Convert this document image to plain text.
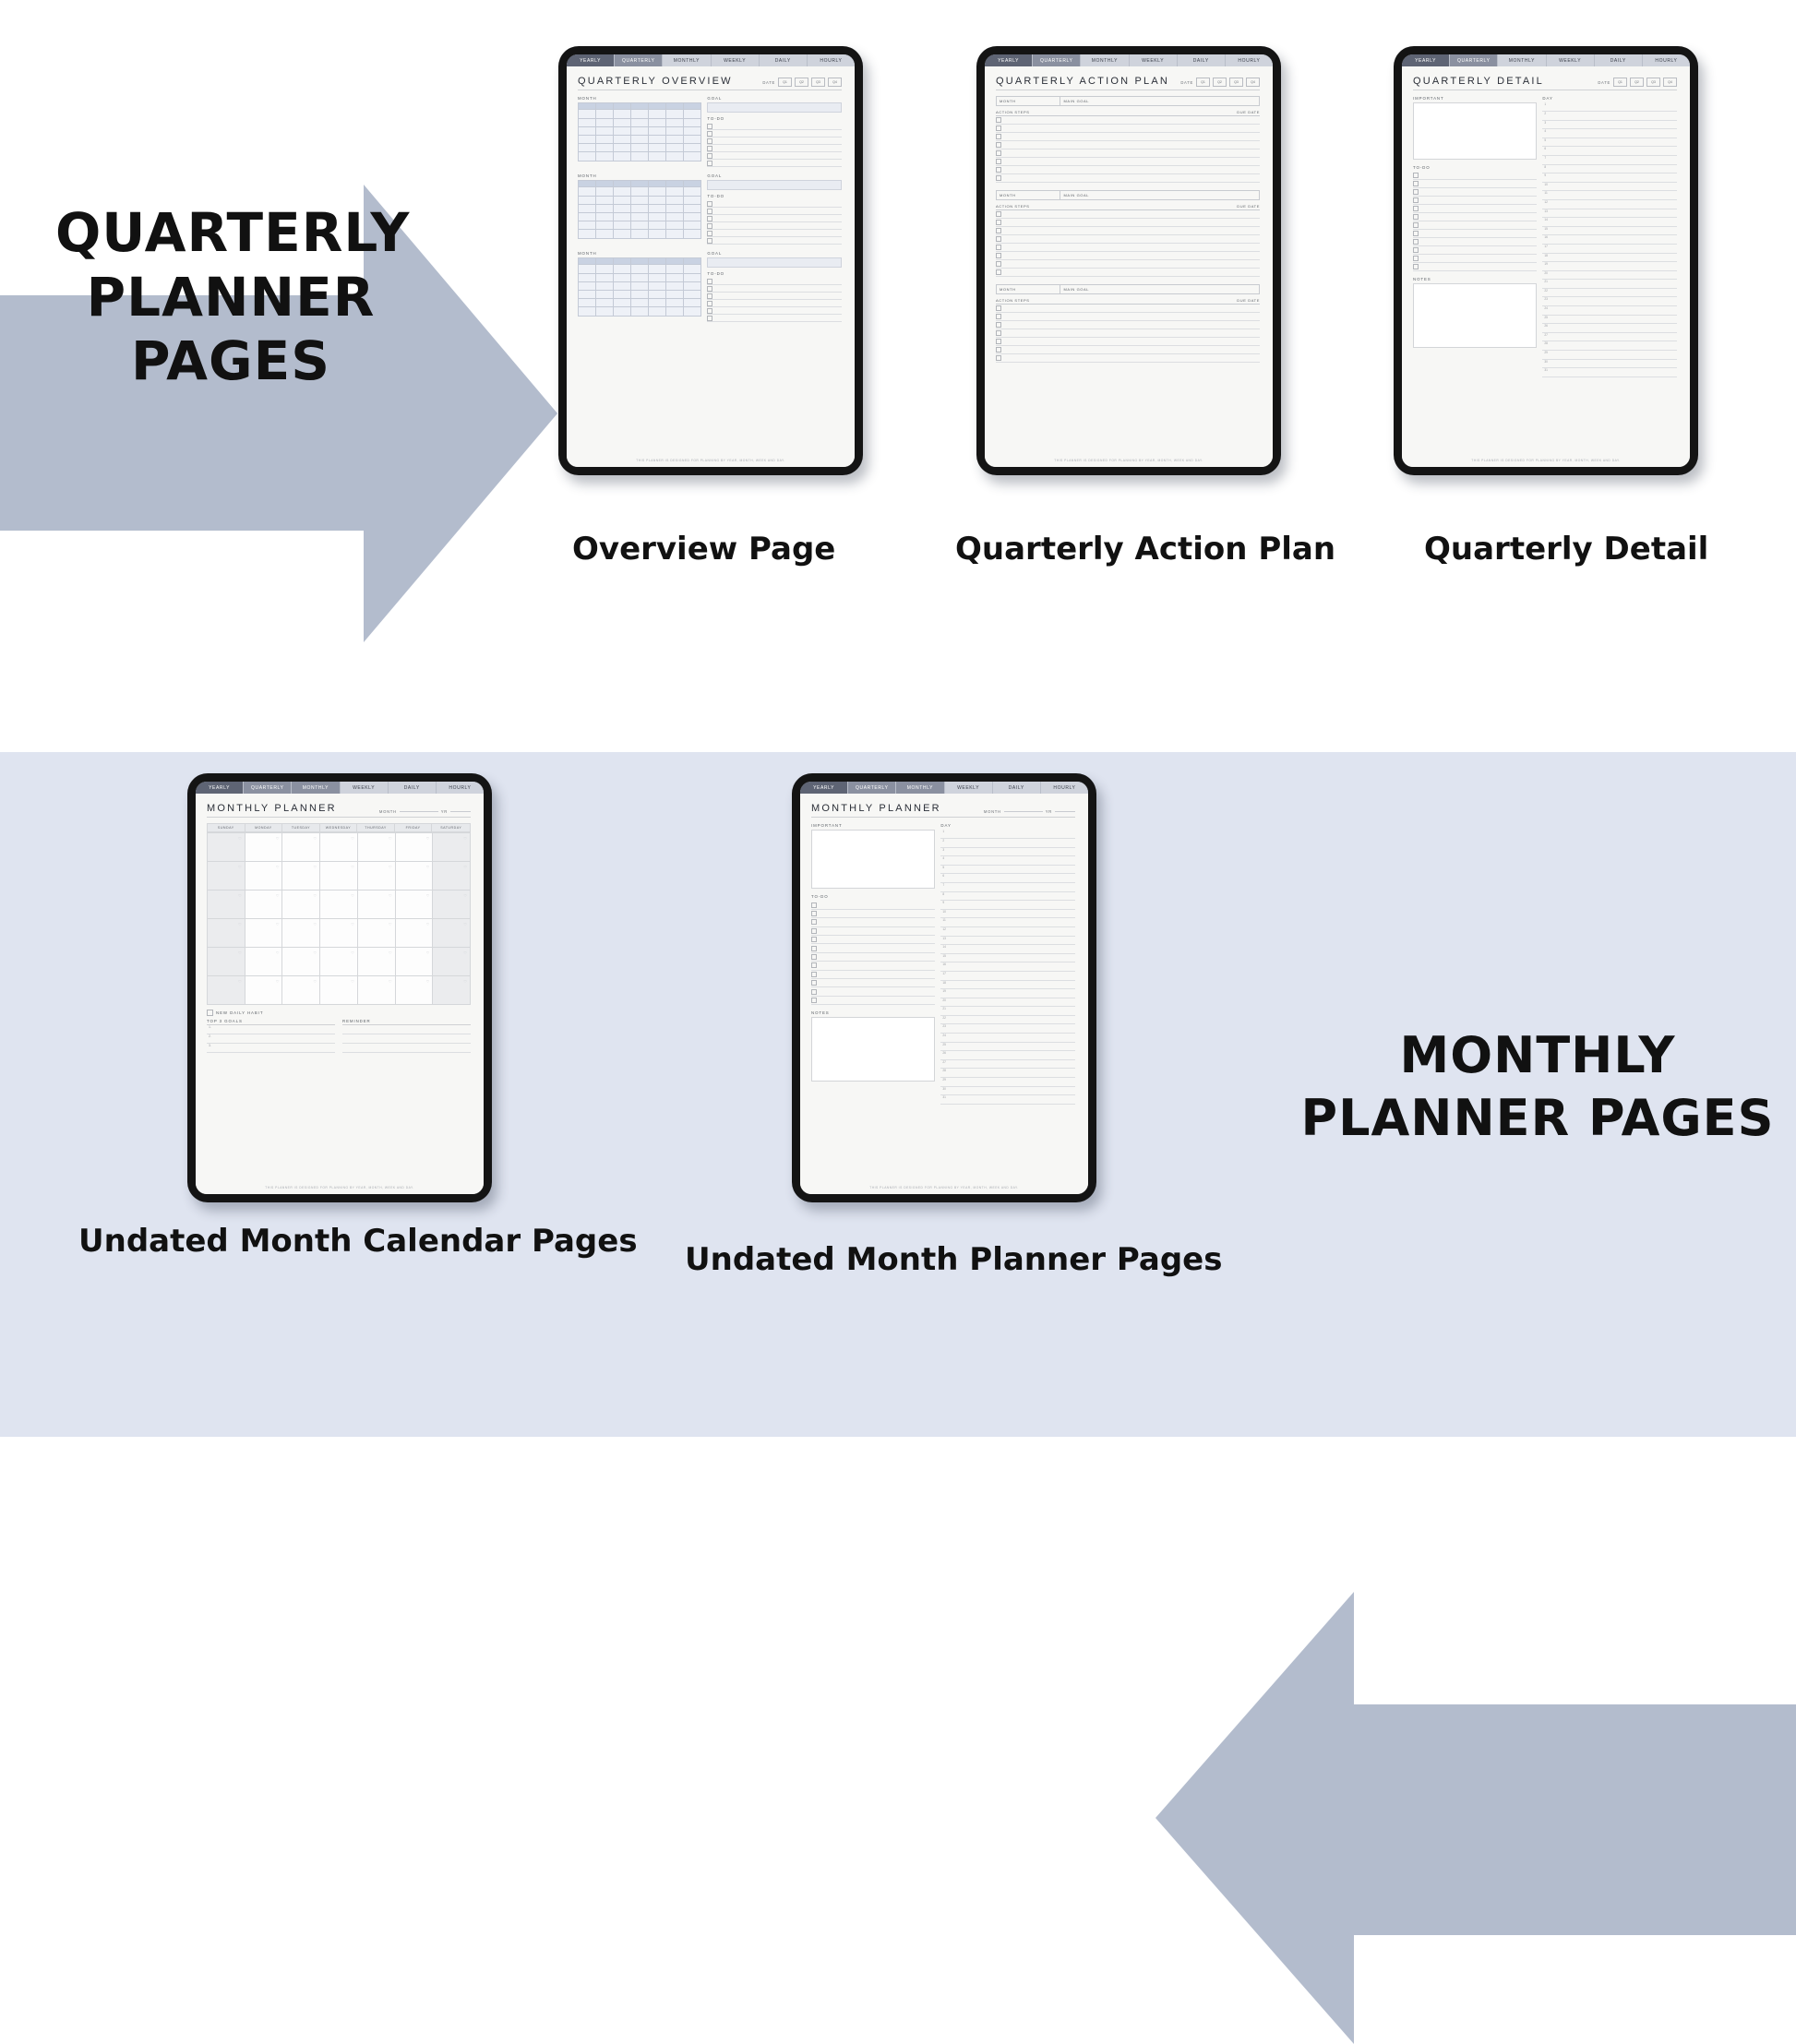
QUARTERLY
PLANNER
PAGES
YEARLY	QUARTERLY	MONTHLY	WEEKLY	DAILY	HOURLY
QUARTERLY OVERVIEW	DATE	Q1	Q2	Q3	Q4
MONTH	GOAL
TO-DO
MONTH	GOAL
TO-DO
MONTH	GOAL
TO-DO
THIS PLANNER IS DESIGNED FOR PLANNING BY YEAR, MONTH, WEEK AND DAY.
YEARLY	QUARTERLY	MONTHLY	WEEKLY	DAILY	HOURLY
QUARTERLY ACTION PLAN	DATE	Q1	Q2	Q3	Q4
MONTH	MAIN GOAL
ACTION STEPS	DUE DATE
MONTH	MAIN GOAL
ACTION STEPS	DUE DATE
MONTH	MAIN GOAL
ACTION STEPS	DUE DATE
THIS PLANNER IS DESIGNED FOR PLANNING BY YEAR, MONTH, WEEK AND DAY.
YEARLY	QUARTERLY	MONTHLY	WEEKLY	DAILY	HOURLY
QUARTERLY DETAIL	DATE	Q1	Q2	Q3	Q4
IMPORTANT
TO-DO
NOTES
DAY
1
2
3
4
5
6
7
8
9
10
11
12
13
14
15
16
17
18
19
20
21
22
23
24
25
26
27
28
29
30
31
THIS PLANNER IS DESIGNED FOR PLANNING BY YEAR, MONTH, WEEK AND DAY.
Overview Page	Quarterly Action Plan	Quarterly Detail
MONTHLY
PLANNER PAGES
YEARLY	QUARTERLY	MONTHLY	WEEKLY	DAILY	HOURLY
MONTHLY PLANNER	MONTH	YR
SUNDAY	MONDAY	TUESDAY	WEDNESDAY	THURSDAY	FRIDAY	SATURDAY
♡	♡	♡	♡	♡	♡	♡
♡	♡	♡	♡	♡	♡	♡
♡	♡	♡	♡	♡	♡	♡
♡	♡	♡	♡	♡	♡	♡
♡	♡	♡	♡	♡	♡	♡
♡	♡	♡	♡	♡	♡	♡
NEW DAILY HABIT
TOP 3 GOALS
1.
2.
3.
REMINDER
THIS PLANNER IS DESIGNED FOR PLANNING BY YEAR, MONTH, WEEK AND DAY.
YEARLY	QUARTERLY	MONTHLY	WEEKLY	DAILY	HOURLY
MONTHLY PLANNER	MONTH	YR
IMPORTANT
TO-DO
NOTES
DAY
1
2
3
4
5
6
7
8
9
10
11
12
13
14
15
16
17
18
19
20
21
22
23
24
25
26
27
28
29
30
31
THIS PLANNER IS DESIGNED FOR PLANNING BY YEAR, MONTH, WEEK AND DAY.
Undated Month Calendar Pages Undated Month Planner Pages
